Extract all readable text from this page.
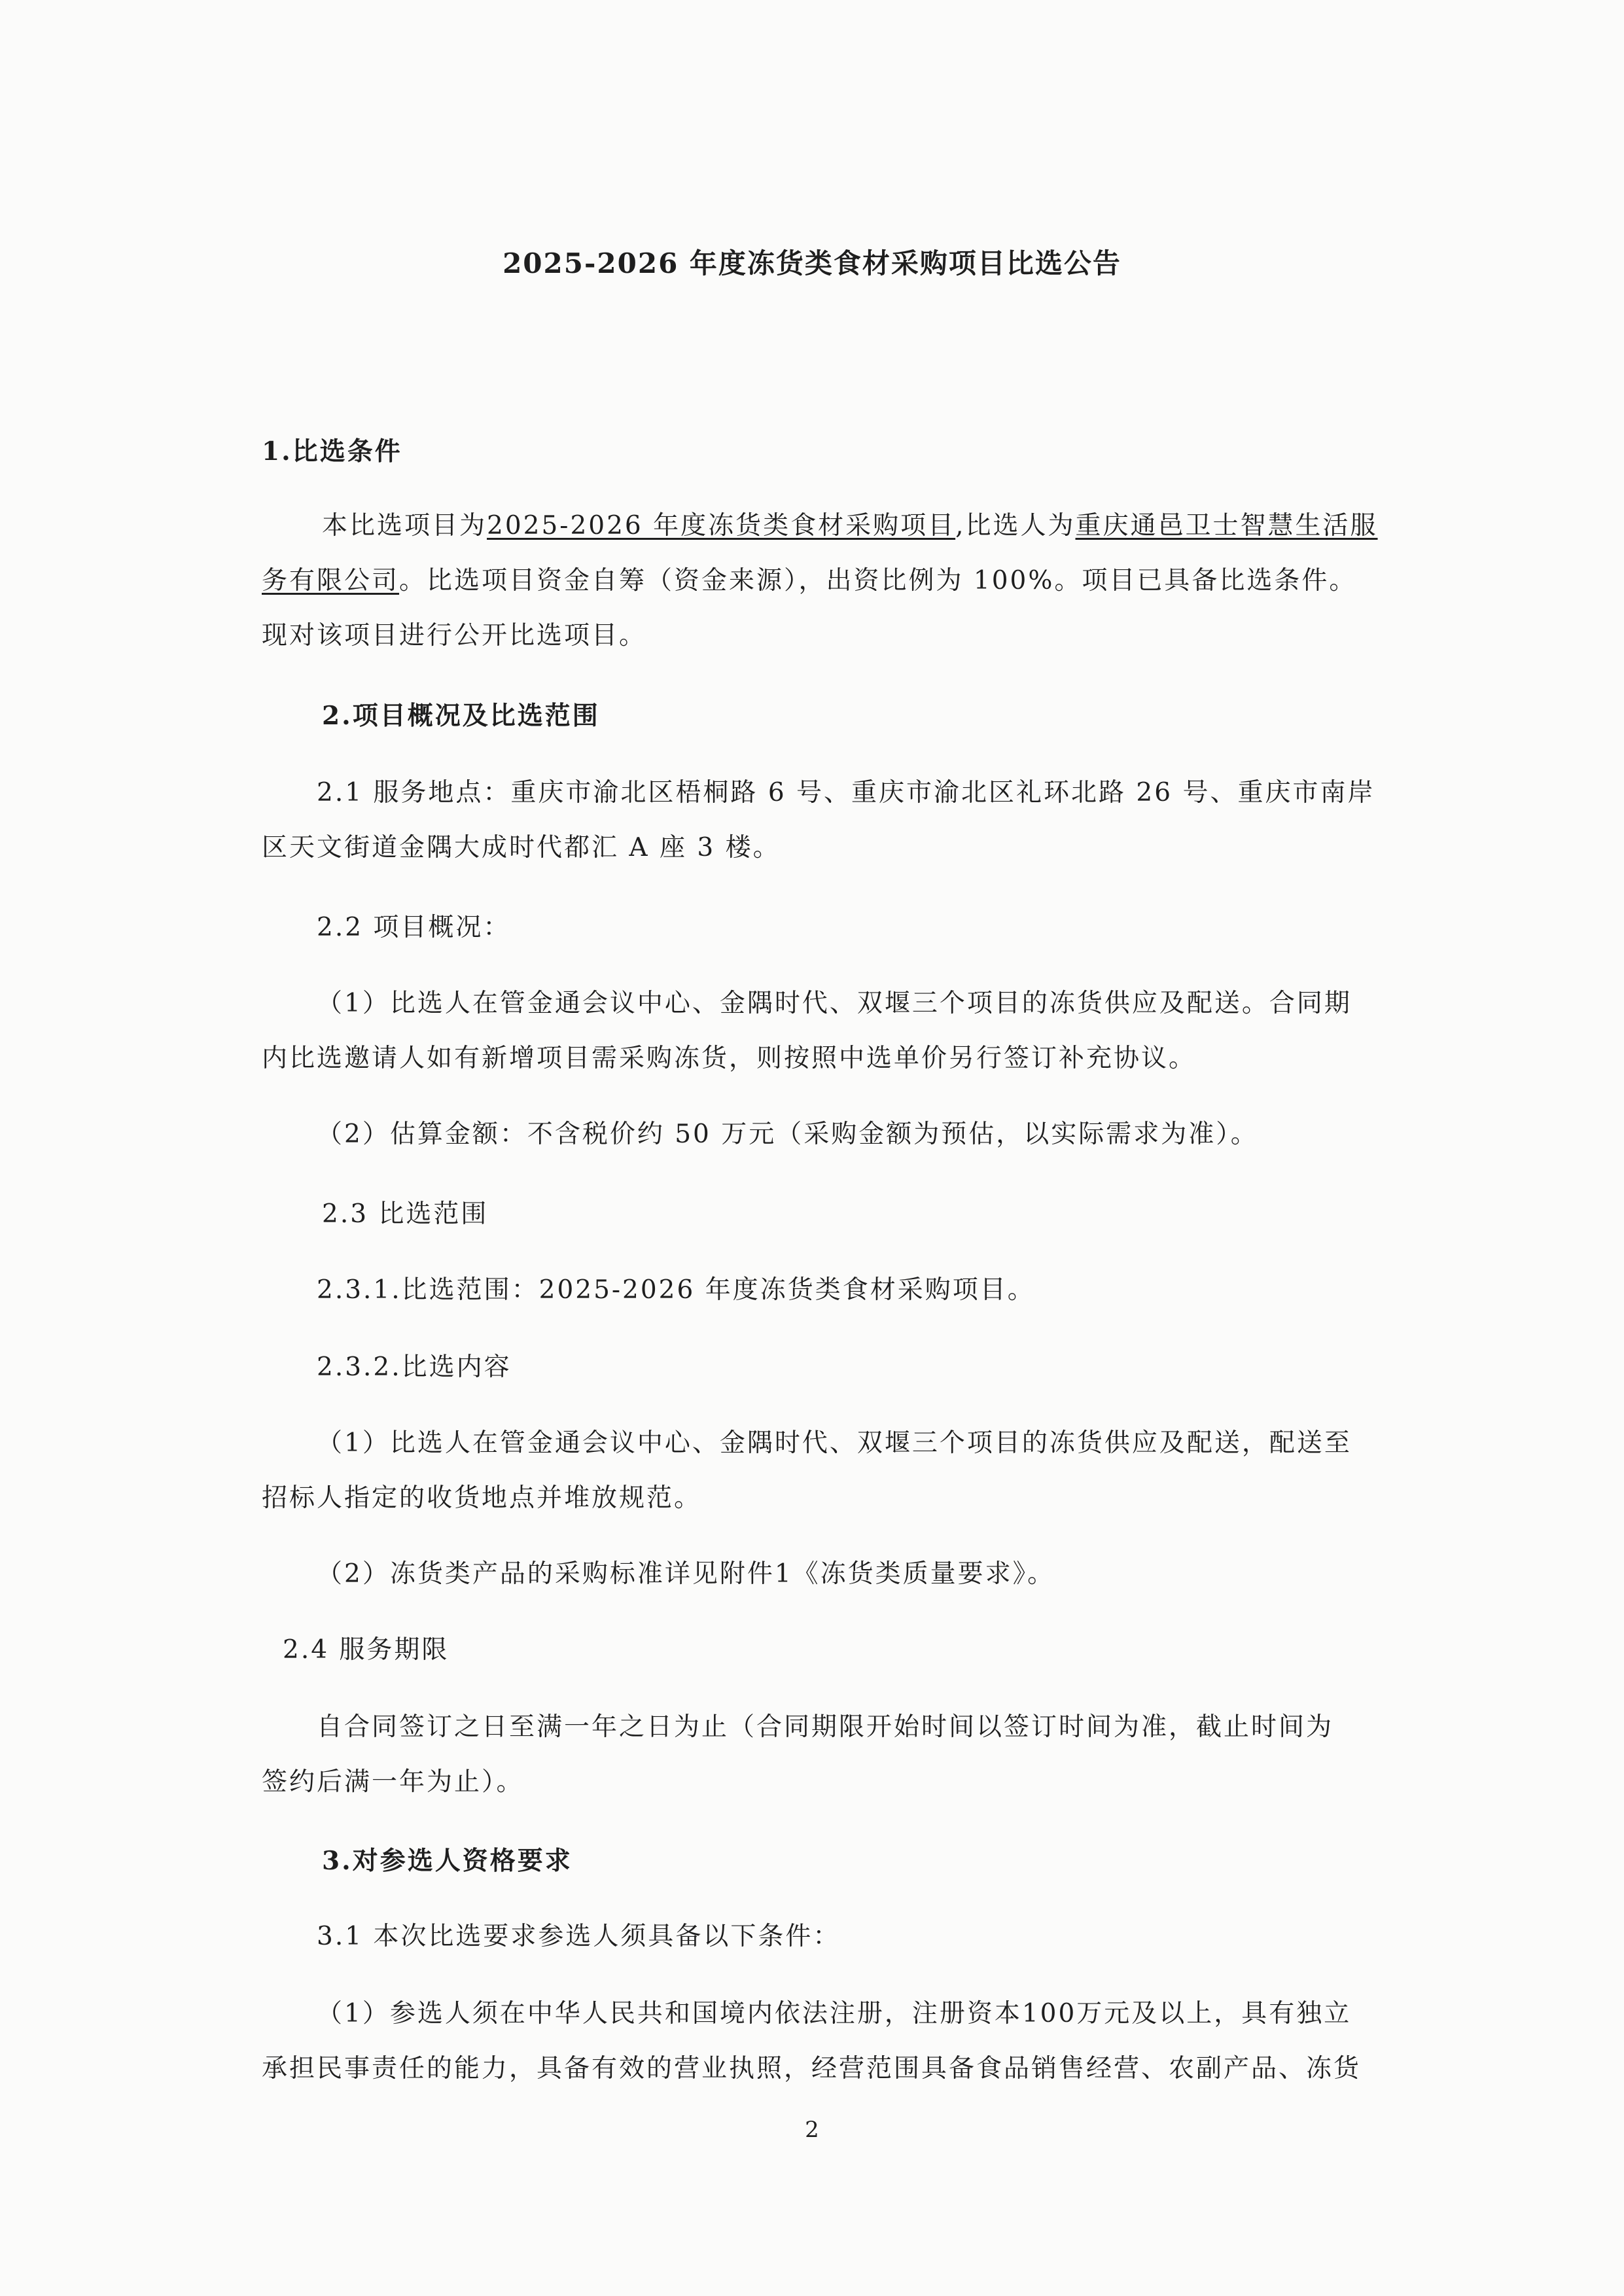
2025-2026 年度冻货类食材采购项目比选公告
1.比选条件
本比选项目为2025-2026 年度冻货类食材采购项目,比选人为重庆通邑卫士智慧生活服
务有限公司。比选项目资金自筹（资金来源），出资比例为 100%。项目已具备比选条件。
现对该项目进行公开比选项目。
2.项目概况及比选范围
2.1 服务地点：重庆市渝北区梧桐路 6 号、重庆市渝北区礼环北路 26 号、重庆市南岸
区天文街道金隅大成时代都汇 A 座 3 楼。
2.2 项目概况：
（1）比选人在管金通会议中心、金隅时代、双堰三个项目的冻货供应及配送。合同期
内比选邀请人如有新增项目需采购冻货，则按照中选单价另行签订补充协议。
（2）估算金额：不含税价约 50 万元（采购金额为预估，以实际需求为准）。
2.3 比选范围
2.3.1.比选范围：2025-2026 年度冻货类食材采购项目。
2.3.2.比选内容
（1）比选人在管金通会议中心、金隅时代、双堰三个项目的冻货供应及配送，配送至
招标人指定的收货地点并堆放规范。
（2）冻货类产品的采购标准详见附件1《冻货类质量要求》。
2.4 服务期限
自合同签订之日至满一年之日为止（合同期限开始时间以签订时间为准，截止时间为
签约后满一年为止）。
3.对参选人资格要求
3.1 本次比选要求参选人须具备以下条件：
（1）参选人须在中华人民共和国境内依法注册，注册资本100万元及以上，具有独立
承担民事责任的能力，具备有效的营业执照，经营范围具备食品销售经营、农副产品、冻货
2
